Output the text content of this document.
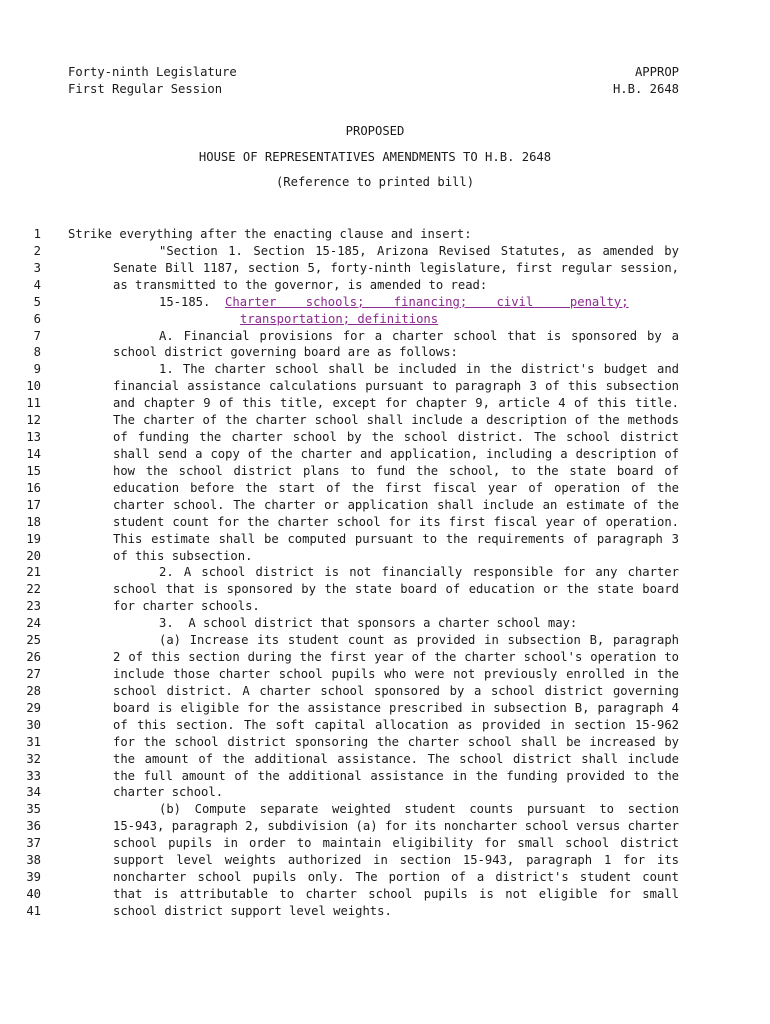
Forty-ninth Legislature
First Regular Session
APPROP
H.B. 2648
PROPOSED
HOUSE OF REPRESENTATIVES AMENDMENTS TO H.B. 2648
(Reference to printed bill)
1 Strike everything after the enacting clause and insert:
2	"Section 1. Section 15-185, Arizona Revised Statutes, as amended by
3	Senate Bill 1187, section 5, forty-ninth legislature, first regular session,
4	as transmitted to the governor, is amended to read:
5	15-185.  Charter    schools;    financing;    civil     penalty;
6	transportation; definitions
7	A. Financial provisions for a charter school that is sponsored by a
8	school district governing board are as follows:
9	1. The charter school shall be included in the district's budget and
10	financial assistance calculations pursuant to paragraph 3 of this subsection
11	and chapter 9 of this title, except for chapter 9, article 4 of this title.
12	The charter of the charter school shall include a description of the methods
13	of funding the charter school by the school district. The school district
14	shall send a copy of the charter and application, including a description of
15	how the school district plans to fund the school, to the state board of
16	education before the start of the first fiscal year of operation of the
17	charter school. The charter or application shall include an estimate of the
18	student count for the charter school for its first fiscal year of operation.
19	This estimate shall be computed pursuant to the requirements of paragraph 3
20	of this subsection.
21	2. A school district is not financially responsible for any charter
22	school that is sponsored by the state board of education or the state board
23	for charter schools.
24	3.  A school district that sponsors a charter school may:
25	(a) Increase its student count as provided in subsection B, paragraph
26	2 of this section during the first year of the charter school's operation to
27	include those charter school pupils who were not previously enrolled in the
28	school district. A charter school sponsored by a school district governing
29	board is eligible for the assistance prescribed in subsection B, paragraph 4
30	of this section. The soft capital allocation as provided in section 15-962
31	for the school district sponsoring the charter school shall be increased by
32	the amount of the additional assistance. The school district shall include
33	the full amount of the additional assistance in the funding provided to the
34	charter school.
35	(b) Compute separate weighted student counts pursuant to section
36	15-943, paragraph 2, subdivision (a) for its noncharter school versus charter
37	school pupils in order to maintain eligibility for small school district
38	support level weights authorized in section 15-943, paragraph 1 for its
39	noncharter school pupils only. The portion of a district's student count
40	that is attributable to charter school pupils is not eligible for small
41	school district support level weights.
